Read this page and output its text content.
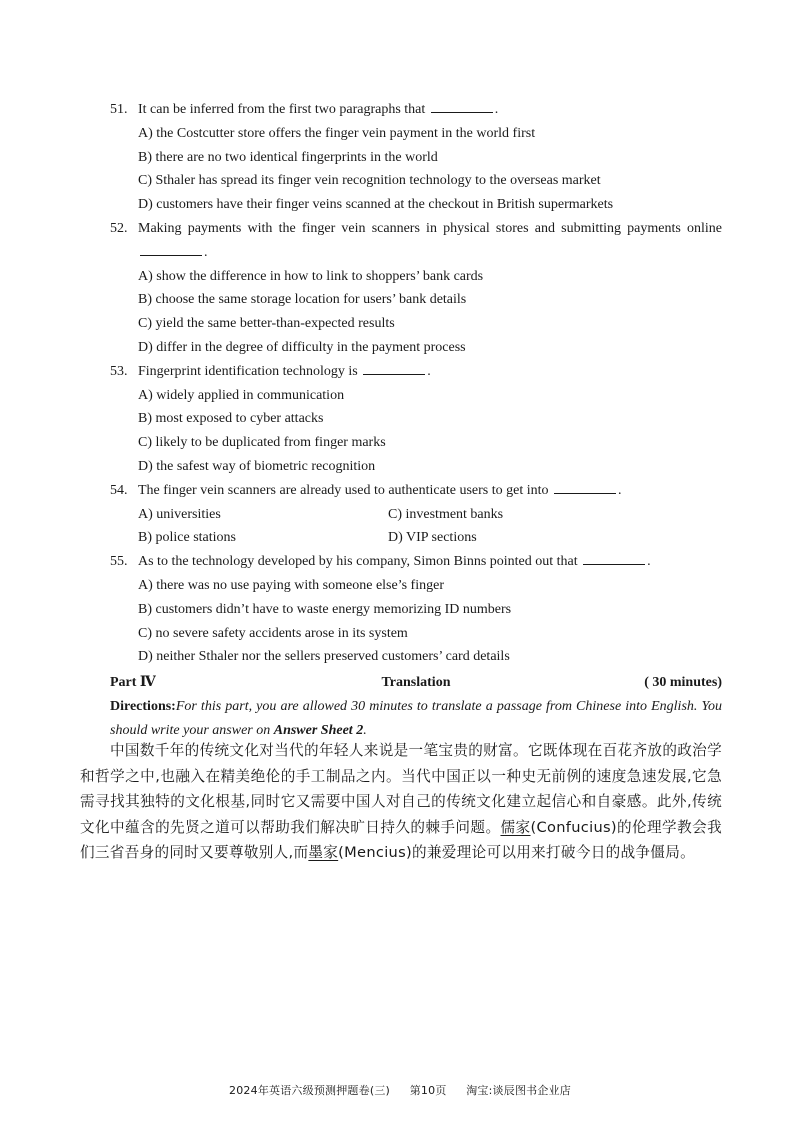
51. It can be inferred from the first two paragraphs that	.
A) the Costcutter store offers the finger vein payment in the world first
B) there are no two identical fingerprints in the world
C) Sthaler has spread its finger vein recognition technology to the overseas market
D) customers have their finger veins scanned at the checkout in British supermarkets
52. Making payments with the finger vein scanners in physical stores and submitting payments online .
A) show the difference in how to link to shoppers’ bank cards
B) choose the same storage location for users’ bank details
C) yield the same better-than-expected results
D) differ in the degree of difficulty in the payment process
53. Fingerprint identification technology is	.
A) widely applied in communication
B) most exposed to cyber attacks
C) likely to be duplicated from finger marks
D) the safest way of biometric recognition
54. The finger vein scanners are already used to authenticate users to get into	.
A) universities	C) investment banks
B) police stations	D) VIP sections
55. As to the technology developed by his company, Simon Binns pointed out that	.
A) there was no use paying with someone else’s finger
B) customers didn’t have to waste energy memorizing ID numbers
C) no severe safety accidents arose in its system
D) neither Sthaler nor the sellers preserved customers’ card details
Part Ⅳ	Translation	( 30 minutes)
Directions:For this part, you are allowed 30 minutes to translate a passage from Chinese into English. You should write your answer on Answer Sheet 2.
中国数千年的传统文化对当代的年轻人来说是一笔宝贵的财富。它既体现在百花齐放的政治学和哲学之中,也融入在精美绝伦的手工制品之内。当代中国正以一种史无前例的速度急速发展,它急需寻找其独特的文化根基,同时它又需要中国人对自己的传统文化建立起信心和自豪感。此外,传统文化中蕴含的先贤之道可以帮助我们解决旷日持久的棘手问题。儒家(Confucius)的伦理学教会我们三省吾身的同时又要尊敬别人,而墨家(Mencius)的兼爱理论可以用来打破今日的战争僵局。
2024年英语六级预测押题卷(三) 第10页 淘宝:谈辰图书企业店
